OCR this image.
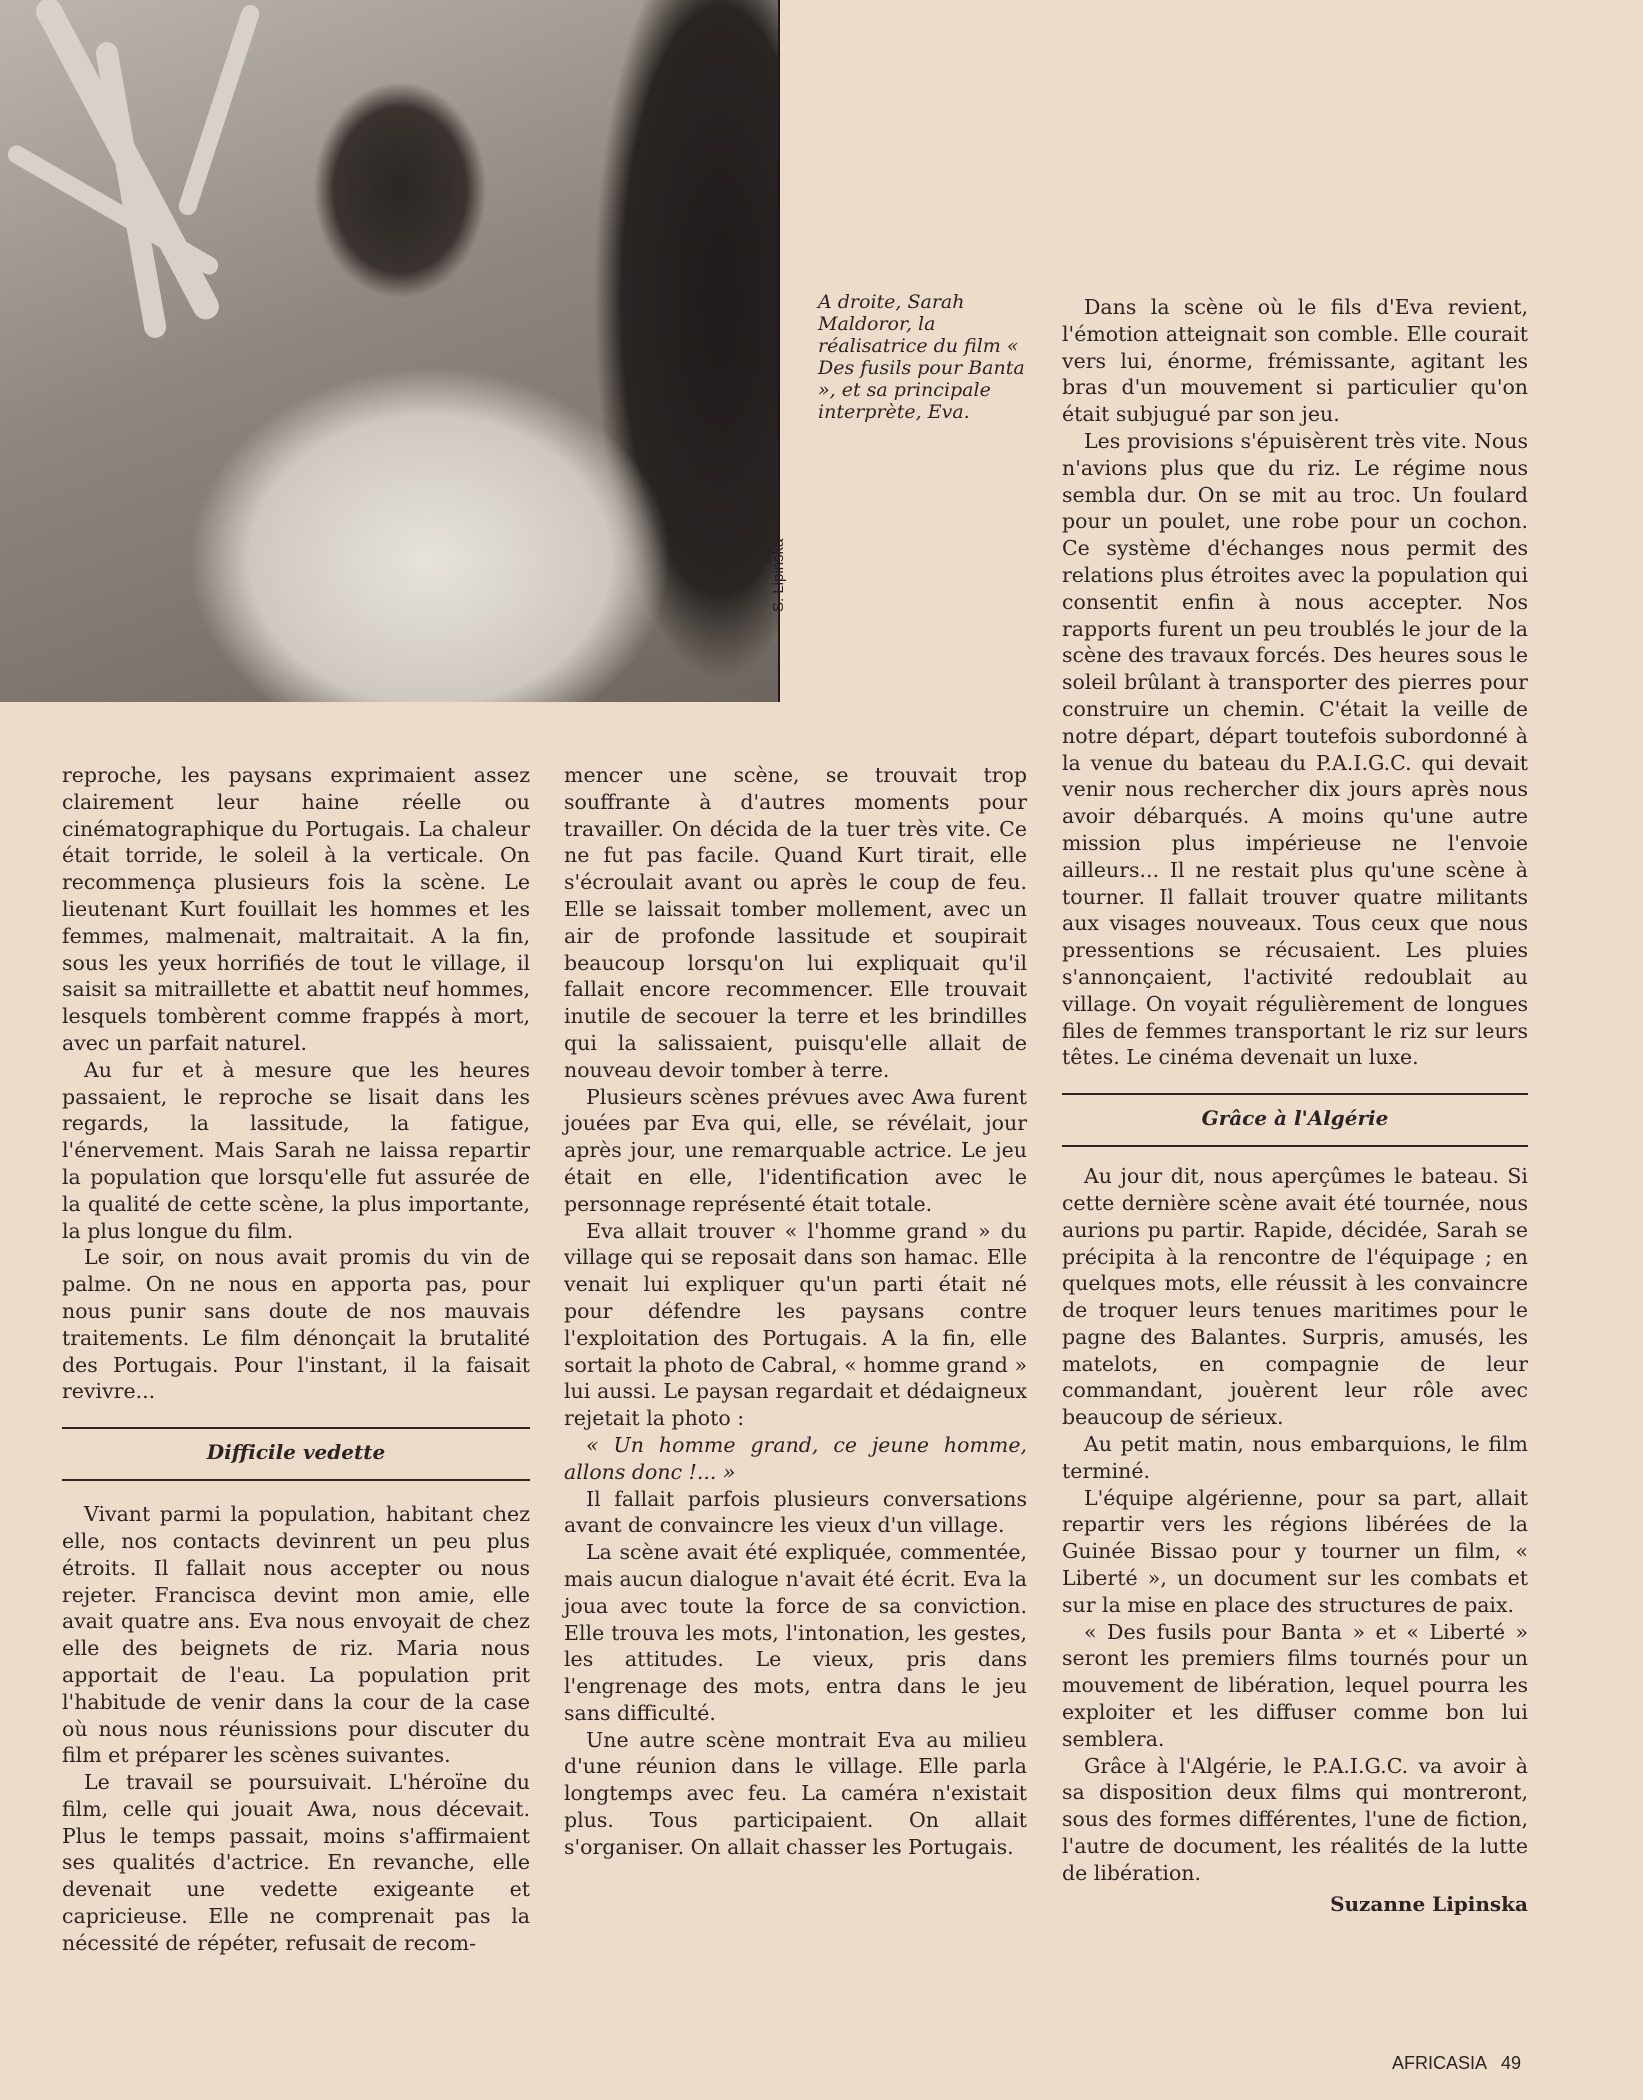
S. Lipinska
A droite, Sarah Maldoror, la réalisatrice du film « Des fusils pour Banta », et sa principale interprète, Eva.

reproche, les paysans exprimaient assez clairement leur haine réelle ou cinématographique du Portugais. La chaleur était torride, le soleil à la verticale. On recommença plusieurs fois la scène. Le lieutenant Kurt fouillait les hommes et les femmes, malmenait, maltraitait. A la fin, sous les yeux horrifiés de tout le village, il saisit sa mitraillette et abattit neuf hommes, lesquels tombèrent comme frappés à mort, avec un parfait naturel.

Au fur et à mesure que les heures passaient, le reproche se lisait dans les regards, la lassitude, la fatigue, l'énervement. Mais Sarah ne laissa repartir la population que lorsqu'elle fut assurée de la qualité de cette scène, la plus importante, la plus longue du film.

Le soir, on nous avait promis du vin de palme. On ne nous en apporta pas, pour nous punir sans doute de nos mauvais traitements. Le film dénonçait la brutalité des Portugais. Pour l'instant, il la faisait revivre...

Difficile vedette

Vivant parmi la population, habitant chez elle, nos contacts devinrent un peu plus étroits. Il fallait nous accepter ou nous rejeter. Francisca devint mon amie, elle avait quatre ans. Eva nous envoyait de chez elle des beignets de riz. Maria nous apportait de l'eau. La population prit l'habitude de venir dans la cour de la case où nous nous réunissions pour discuter du film et préparer les scènes suivantes.

Le travail se poursuivait. L'héroïne du film, celle qui jouait Awa, nous décevait. Plus le temps passait, moins s'affirmaient ses qualités d'actrice. En revanche, elle devenait une vedette exigeante et capricieuse. Elle ne comprenait pas la nécessité de répéter, refusait de recom-

mencer une scène, se trouvait trop souffrante à d'autres moments pour travailler. On décida de la tuer très vite. Ce ne fut pas facile. Quand Kurt tirait, elle s'écroulait avant ou après le coup de feu. Elle se laissait tomber mollement, avec un air de profonde lassitude et soupirait beaucoup lorsqu'on lui expliquait qu'il fallait encore recommencer. Elle trouvait inutile de secouer la terre et les brindilles qui la salissaient, puisqu'elle allait de nouveau devoir tomber à terre.

Plusieurs scènes prévues avec Awa furent jouées par Eva qui, elle, se révélait, jour après jour, une remarquable actrice. Le jeu était en elle, l'identification avec le personnage représenté était totale.

Eva allait trouver « l'homme grand » du village qui se reposait dans son hamac. Elle venait lui expliquer qu'un parti était né pour défendre les paysans contre l'exploitation des Portugais. A la fin, elle sortait la photo de Cabral, « homme grand » lui aussi. Le paysan regardait et dédaigneux rejetait la photo :

« Un homme grand, ce jeune homme, allons donc !... »

Il fallait parfois plusieurs conversations avant de convaincre les vieux d'un village.

La scène avait été expliquée, commentée, mais aucun dialogue n'avait été écrit. Eva la joua avec toute la force de sa conviction. Elle trouva les mots, l'intonation, les gestes, les attitudes. Le vieux, pris dans l'engrenage des mots, entra dans le jeu sans difficulté.

Une autre scène montrait Eva au milieu d'une réunion dans le village. Elle parla longtemps avec feu. La caméra n'existait plus. Tous participaient. On allait s'organiser. On allait chasser les Portugais.

Dans la scène où le fils d'Eva revient, l'émotion atteignait son comble. Elle courait vers lui, énorme, frémissante, agitant les bras d'un mouvement si particulier qu'on était subjugué par son jeu.

Les provisions s'épuisèrent très vite. Nous n'avions plus que du riz. Le régime nous sembla dur. On se mit au troc. Un foulard pour un poulet, une robe pour un cochon. Ce système d'échanges nous permit des relations plus étroites avec la population qui consentit enfin à nous accepter. Nos rapports furent un peu troublés le jour de la scène des travaux forcés. Des heures sous le soleil brûlant à transporter des pierres pour construire un chemin. C'était la veille de notre départ, départ toutefois subordonné à la venue du bateau du P.A.I.G.C. qui devait venir nous rechercher dix jours après nous avoir débarqués. A moins qu'une autre mission plus impérieuse ne l'envoie ailleurs... Il ne restait plus qu'une scène à tourner. Il fallait trouver quatre militants aux visages nouveaux. Tous ceux que nous pressentions se récusaient. Les pluies s'annonçaient, l'activité redoublait au village. On voyait régulièrement de longues files de femmes transportant le riz sur leurs têtes. Le cinéma devenait un luxe.

Grâce à l'Algérie

Au jour dit, nous aperçûmes le bateau. Si cette dernière scène avait été tournée, nous aurions pu partir. Rapide, décidée, Sarah se précipita à la rencontre de l'équipage ; en quelques mots, elle réussit à les convaincre de troquer leurs tenues maritimes pour le pagne des Balantes. Surpris, amusés, les matelots, en compagnie de leur commandant, jouèrent leur rôle avec beaucoup de sérieux.

Au petit matin, nous embarquions, le film terminé.

L'équipe algérienne, pour sa part, allait repartir vers les régions libérées de la Guinée Bissao pour y tourner un film, « Liberté », un document sur les combats et sur la mise en place des structures de paix.

« Des fusils pour Banta » et « Liberté » seront les premiers films tournés pour un mouvement de libération, lequel pourra les exploiter et les diffuser comme bon lui semblera.

Grâce à l'Algérie, le P.A.I.G.C. va avoir à sa disposition deux films qui montreront, sous des formes différentes, l'une de fiction, l'autre de document, les réalités de la lutte de libération.

Suzanne Lipinska
AFRICASIA 49
